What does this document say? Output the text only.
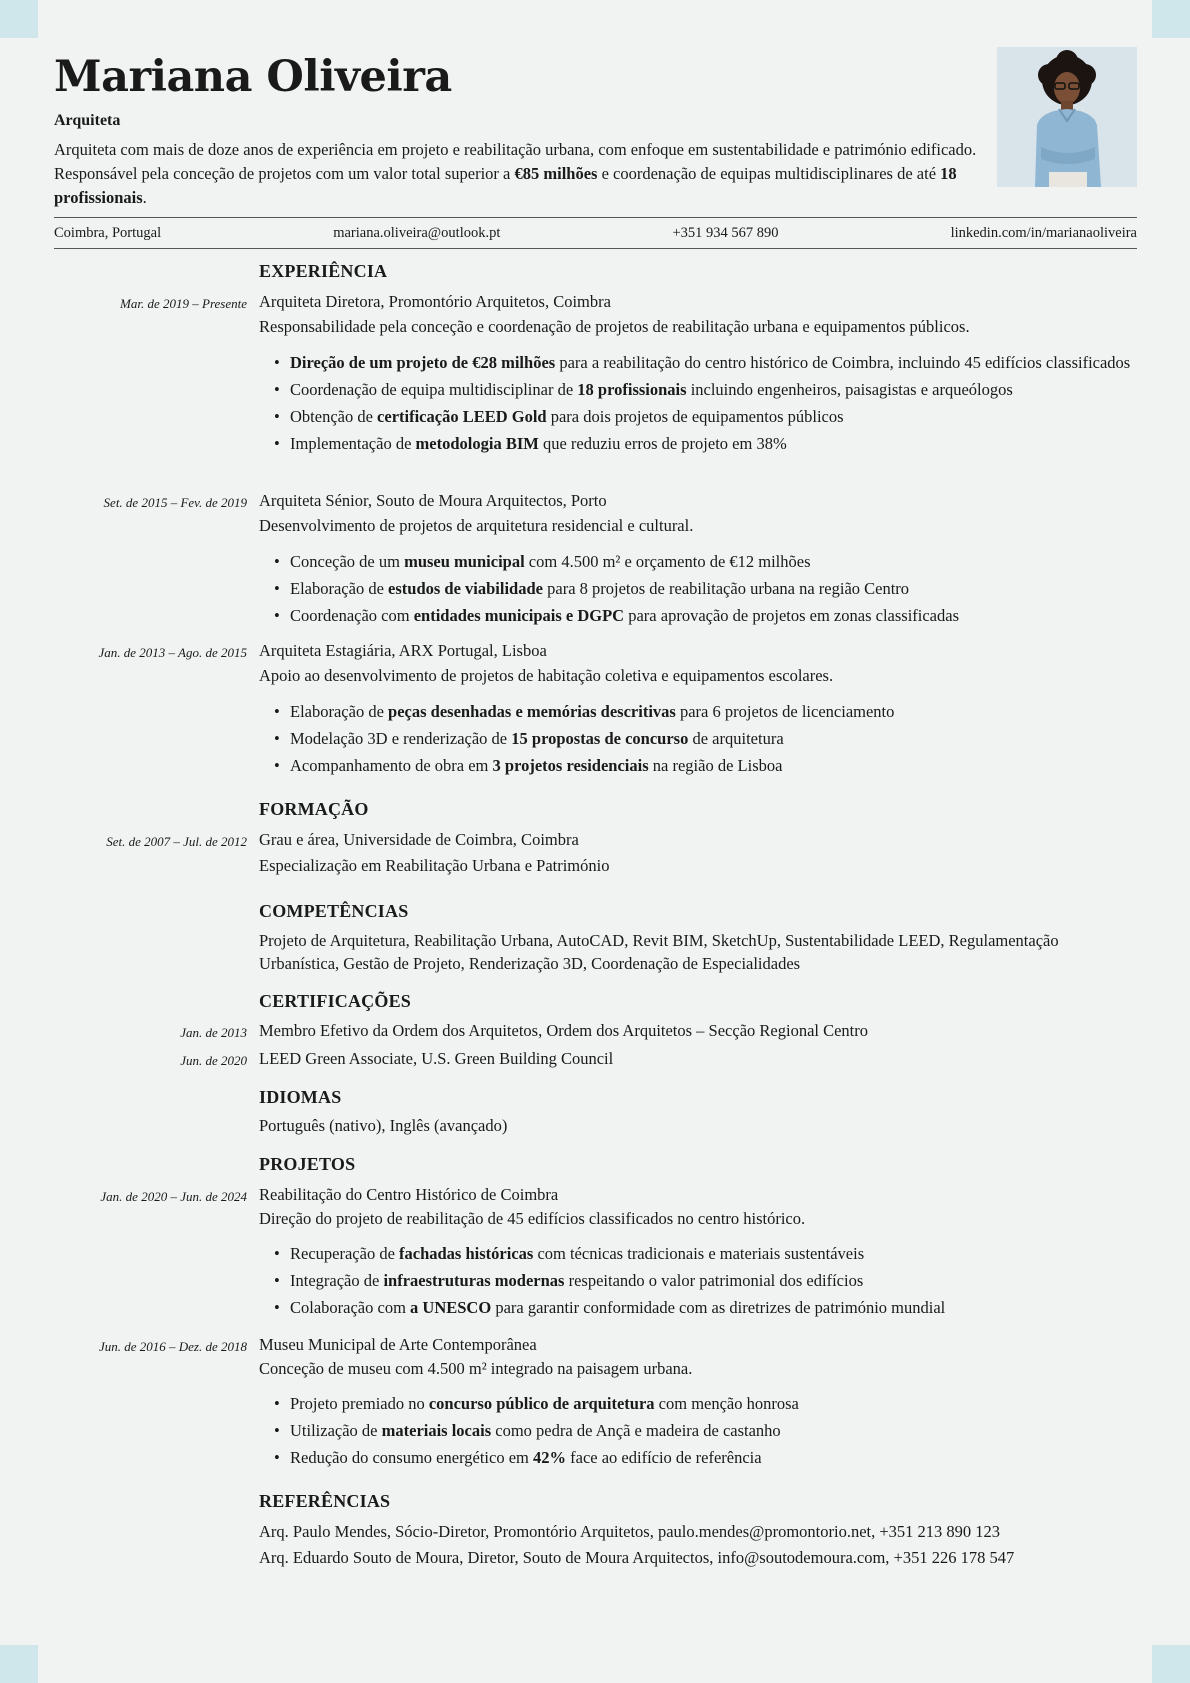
Mariana Oliveira
Arquiteta
Arquiteta com mais de doze anos de experiência em projeto e reabilitação urbana, com enfoque em sustentabilidade e património edificado. Responsável pela conceção de projetos com um valor total superior a €85 milhões e coordenação de equipas multidisciplinares de até 18 profissionais.
Coimbra, Portugal	mariana.oliveira@outlook.pt	+351 934 567 890	linkedin.com/in/marianaoliveira
EXPERIÊNCIA
Mar. de 2019 – Presente Arquiteta Diretora, Promontório Arquitetos, Coimbra
Responsabilidade pela conceção e coordenação de projetos de reabilitação urbana e equipamentos públicos.
• Direção de um projeto de €28 milhões para a reabilitação do centro histórico de Coimbra, incluindo 45 edifícios classificados
• Coordenação de equipa multidisciplinar de 18 profissionais incluindo engenheiros, paisagistas e arqueólogos
• Obtenção de certificação LEED Gold para dois projetos de equipamentos públicos
• Implementação de metodologia BIM que reduziu erros de projeto em 38%
Set. de 2015 – Fev. de 2019 Arquiteta Sénior, Souto de Moura Arquitectos, Porto
Desenvolvimento de projetos de arquitetura residencial e cultural.
• Conceção de um museu municipal com 4.500 m² e orçamento de €12 milhões
• Elaboração de estudos de viabilidade para 8 projetos de reabilitação urbana na região Centro
• Coordenação com entidades municipais e DGPC para aprovação de projetos em zonas classificadas
Jan. de 2013 – Ago. de 2015 Arquiteta Estagiária, ARX Portugal, Lisboa
Apoio ao desenvolvimento de projetos de habitação coletiva e equipamentos escolares.
• Elaboração de peças desenhadas e memórias descritivas para 6 projetos de licenciamento
• Modelação 3D e renderização de 15 propostas de concurso de arquitetura
• Acompanhamento de obra em 3 projetos residenciais na região de Lisboa
FORMAÇÃO
Set. de 2007 – Jul. de 2012 Grau e área, Universidade de Coimbra, Coimbra
Especialização em Reabilitação Urbana e Património
COMPETÊNCIAS
Projeto de Arquitetura, Reabilitação Urbana, AutoCAD, Revit BIM, SketchUp, Sustentabilidade LEED, Regulamentação Urbanística, Gestão de Projeto, Renderização 3D, Coordenação de Especialidades
CERTIFICAÇÕES
Jan. de 2013 Membro Efetivo da Ordem dos Arquitetos, Ordem dos Arquitetos – Secção Regional Centro
Jun. de 2020 LEED Green Associate, U.S. Green Building Council
IDIOMAS
Português (nativo), Inglês (avançado)
PROJETOS
Jan. de 2020 – Jun. de 2024 Reabilitação do Centro Histórico de Coimbra
Direção do projeto de reabilitação de 45 edifícios classificados no centro histórico.
• Recuperação de fachadas históricas com técnicas tradicionais e materiais sustentáveis
• Integração de infraestruturas modernas respeitando o valor patrimonial dos edifícios
• Colaboração com a UNESCO para garantir conformidade com as diretrizes de património mundial
Jun. de 2016 – Dez. de 2018 Museu Municipal de Arte Contemporânea
Conceção de museu com 4.500 m² integrado na paisagem urbana.
• Projeto premiado no concurso público de arquitetura com menção honrosa
• Utilização de materiais locais como pedra de Ançã e madeira de castanho
• Redução do consumo energético em 42% face ao edifício de referência
REFERÊNCIAS
Arq. Paulo Mendes, Sócio-Diretor, Promontório Arquitetos, paulo.mendes@promontorio.net, +351 213 890 123
Arq. Eduardo Souto de Moura, Diretor, Souto de Moura Arquitectos, info@soutodemoura.com, +351 226 178 547
